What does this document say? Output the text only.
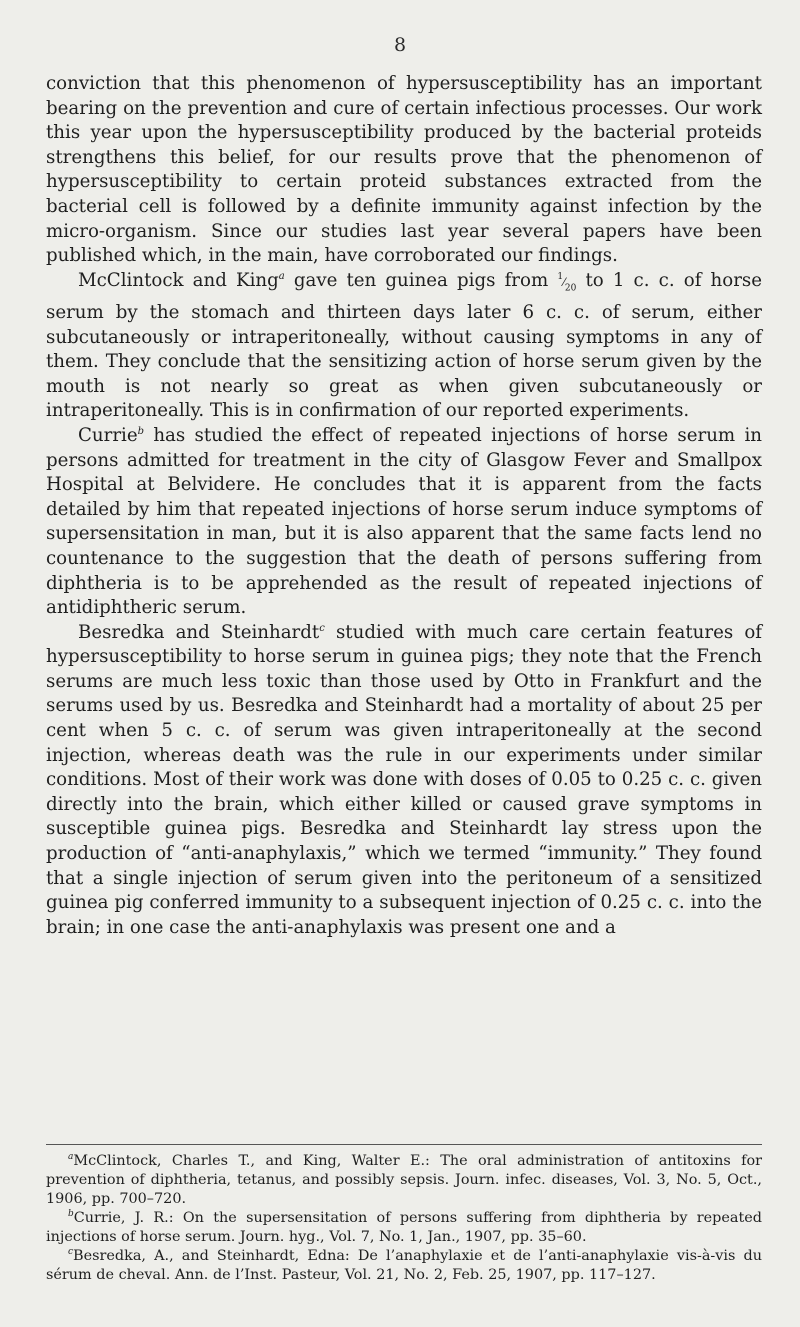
8

conviction that this phenomenon of hypersusceptibility has an important bearing on the prevention and cure of certain infectious processes. Our work this year upon the hypersusceptibility produced by the bacterial proteids strengthens this belief, for our results prove that the phenomenon of hypersusceptibility to certain proteid substances extracted from the bacterial cell is followed by a definite immunity against infection by the micro-organism. Since our studies last year several papers have been published which, in the main, have corroborated our findings.

McClintock and King$^a$ gave ten guinea pigs from $^1⁄_{20}$ to 1 c. c. of horse serum by the stomach and thirteen days later 6 c. c. of serum, either subcutaneously or intraperitoneally, without causing symptoms in any of them. They conclude that the sensitizing action of horse serum given by the mouth is not nearly so great as when given subcutaneously or intraperitoneally. This is in confirmation of our reported experiments.

Currie$^b$ has studied the effect of repeated injections of horse serum in persons admitted for treatment in the city of Glasgow Fever and Smallpox Hospital at Belvidere. He concludes that it is apparent from the facts detailed by him that repeated injections of horse serum induce symptoms of supersensitation in man, but it is also apparent that the same facts lend no countenance to the suggestion that the death of persons suffering from diphtheria is to be apprehended as the result of repeated injections of antidiphtheric serum.

Besredka and Steinhardt$^c$ studied with much care certain features of hypersusceptibility to horse serum in guinea pigs; they note that the French serums are much less toxic than those used by Otto in Frankfurt and the serums used by us. Besredka and Steinhardt had a mortality of about 25 per cent when 5 c. c. of serum was given intraperitoneally at the second injection, whereas death was the rule in our experiments under similar conditions. Most of their work was done with doses of 0.05 to 0.25 c. c. given directly into the brain, which either killed or caused grave symptoms in susceptible guinea pigs. Besredka and Steinhardt lay stress upon the production of “anti-anaphylaxis,” which we termed “immunity.” They found that a single injection of serum given into the peritoneum of a sensitized guinea pig conferred immunity to a subsequent injection of 0.25 c. c. into the brain; in one case the anti-anaphylaxis was present one and a

$^a$McClintock, Charles T., and King, Walter E.: The oral administration of antitoxins for prevention of diphtheria, tetanus, and possibly sepsis. Journ. infec. diseases, Vol. 3, No. 5, Oct., 1906, pp. 700–720.

$^b$Currie, J. R.: On the supersensitation of persons suffering from diphtheria by repeated injections of horse serum. Journ. hyg., Vol. 7, No. 1, Jan., 1907, pp. 35–60.

$^c$Besredka, A., and Steinhardt, Edna: De l’anaphylaxie et de l’anti-anaphylaxie vis-à-vis du sérum de cheval. Ann. de l’Inst. Pasteur, Vol. 21, No. 2, Feb. 25, 1907, pp. 117–127.
